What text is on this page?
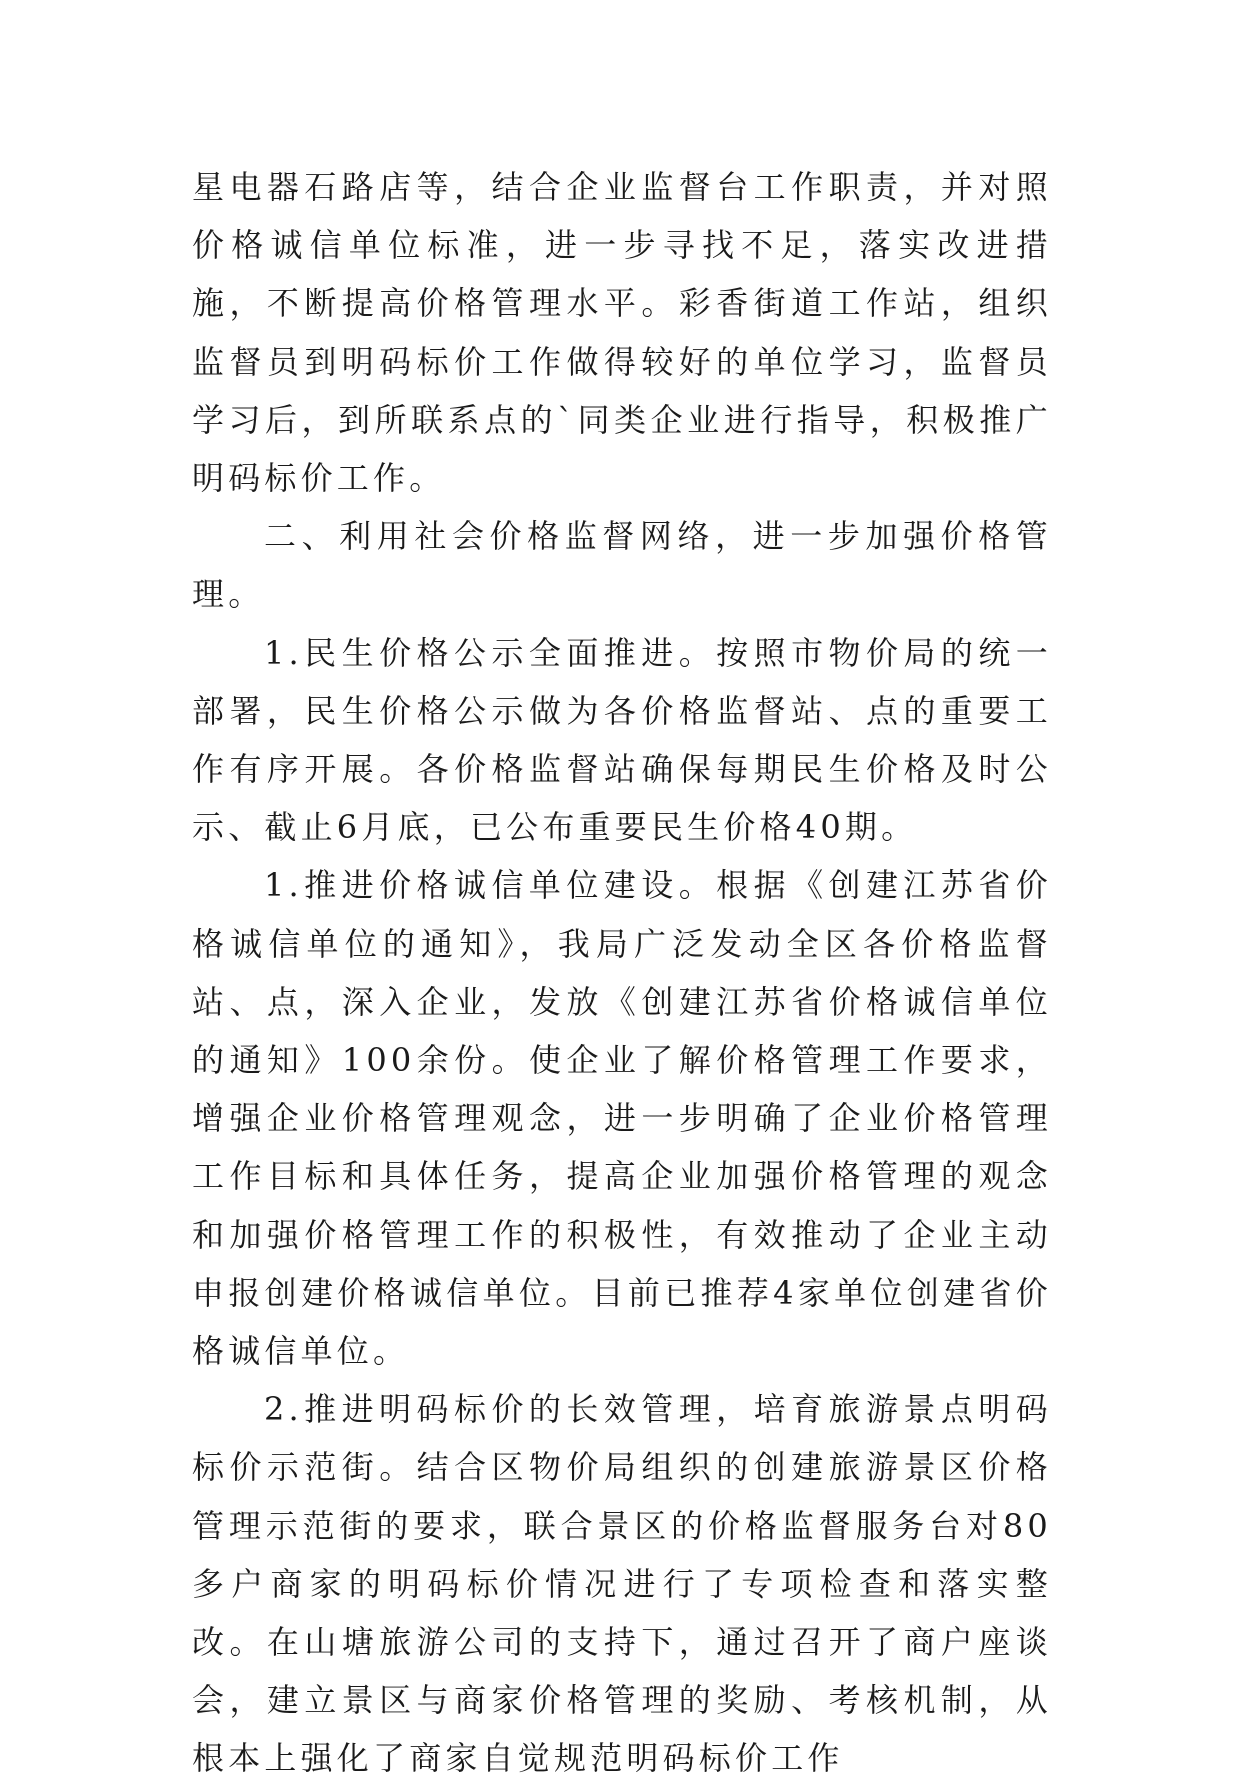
星电器石路店等，结合企业监督台工作职责，并对照价格诚信单位标准，进一步寻找不足，落实改进措施，不断提高价格管理水平。彩香街道工作站，组织监督员到明码标价工作做得较好的单位学习，监督员学习后，到所联系点的`同类企业进行指导，积极推广明码标价工作。

二、利用社会价格监督网络，进一步加强价格管理。

1.民生价格公示全面推进。按照市物价局的统一部署，民生价格公示做为各价格监督站、点的重要工作有序开展。各价格监督站确保每期民生价格及时公示、截止6月底，已公布重要民生价格40期。

1.推进价格诚信单位建设。根据《创建江苏省价格诚信单位的通知》，我局广泛发动全区各价格监督站、点，深入企业，发放《创建江苏省价格诚信单位的通知》100余份。使企业了解价格管理工作要求，增强企业价格管理观念，进一步明确了企业价格管理工作目标和具体任务，提高企业加强价格管理的观念和加强价格管理工作的积极性，有效推动了企业主动申报创建价格诚信单位。目前已推荐4家单位创建省价格诚信单位。

2.推进明码标价的长效管理，培育旅游景点明码标价示范街。结合区物价局组织的创建旅游景区价格管理示范街的要求，联合景区的价格监督服务台对80多户商家的明码标价情况进行了专项检查和落实整改。在山塘旅游公司的支持下，通过召开了商户座谈会，建立景区与商家价格管理的奖励、考核机制，从根本上强化了商家自觉规范明码标价工作
